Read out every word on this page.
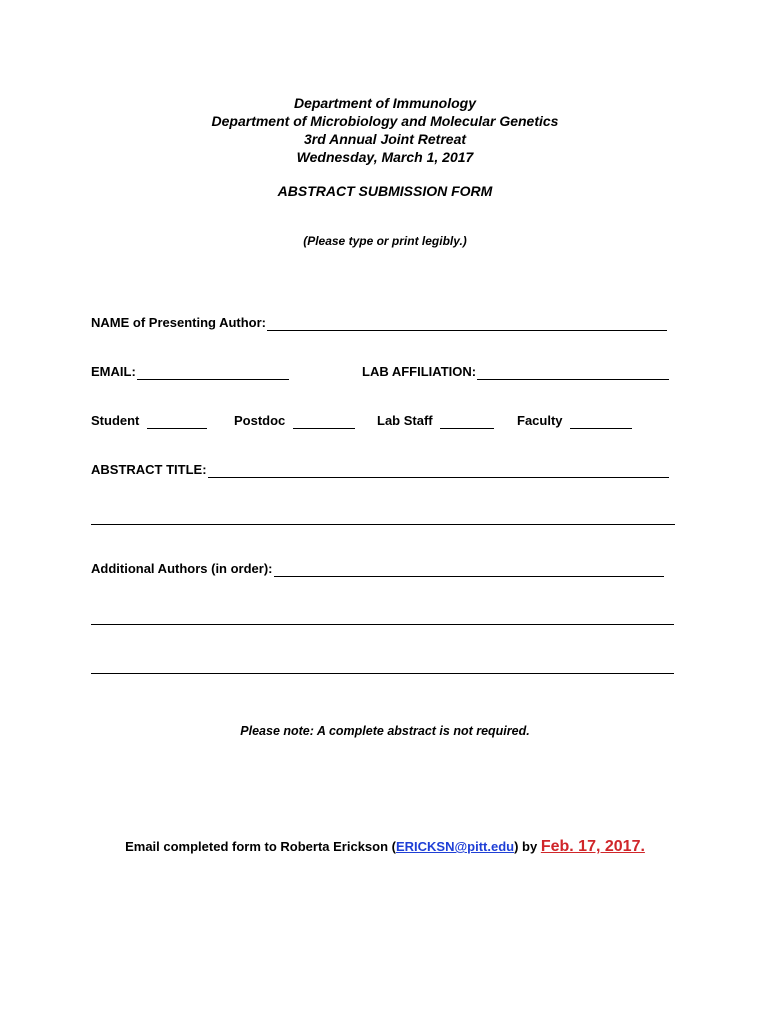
Department of Immunology
Department of Microbiology and Molecular Genetics
3rd Annual Joint Retreat
Wednesday, March 1, 2017
ABSTRACT SUBMISSION FORM
(Please type or print legibly.)
NAME of Presenting Author:
EMAIL:	LAB AFFILIATION:
Student	Postdoc	Lab Staff	Faculty
ABSTRACT TITLE:
Additional Authors (in order):
Please note: A complete abstract is not required.
Email completed form to Roberta Erickson (ERICKSN@pitt.edu) by Feb. 17, 2017.
